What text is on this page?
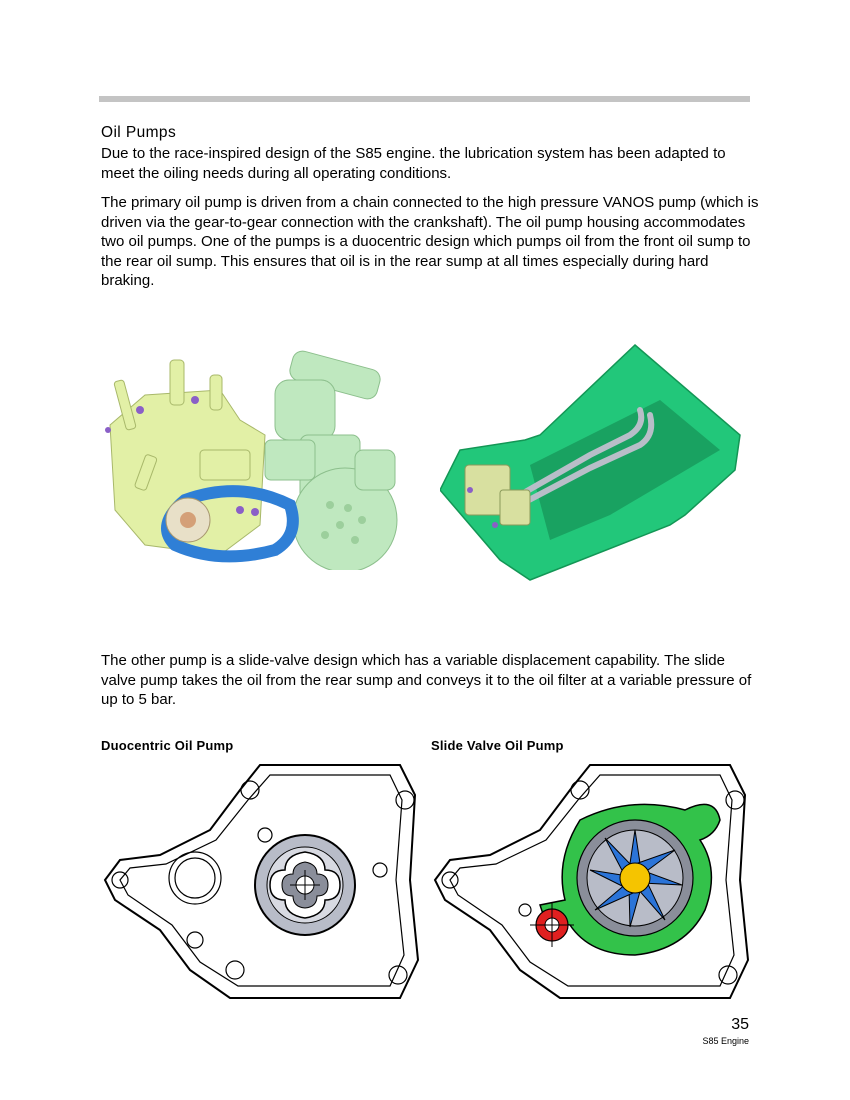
Oil Pumps

Due to the race-inspired design of the S85 engine. the lubrication system has been adapted to meet the oiling needs during all operating conditions.

The primary oil pump is driven from a chain connected to the high pressure VANOS pump (which is driven via the gear-to-gear connection with the crankshaft). The oil pump housing accommodates two oil pumps. One of the pumps is a duocentric design which pumps oil from the front oil sump to the rear oil sump. This ensures that oil is in the rear sump at all times especially during hard braking.

The other pump is a slide-valve design which has a variable displacement capability. The slide valve pump takes the oil from the rear sump and conveys it to the oil filter at a variable pressure of up to 5 bar.

Duocentric Oil Pump	Slide Valve Oil Pump
35
S85 Engine
